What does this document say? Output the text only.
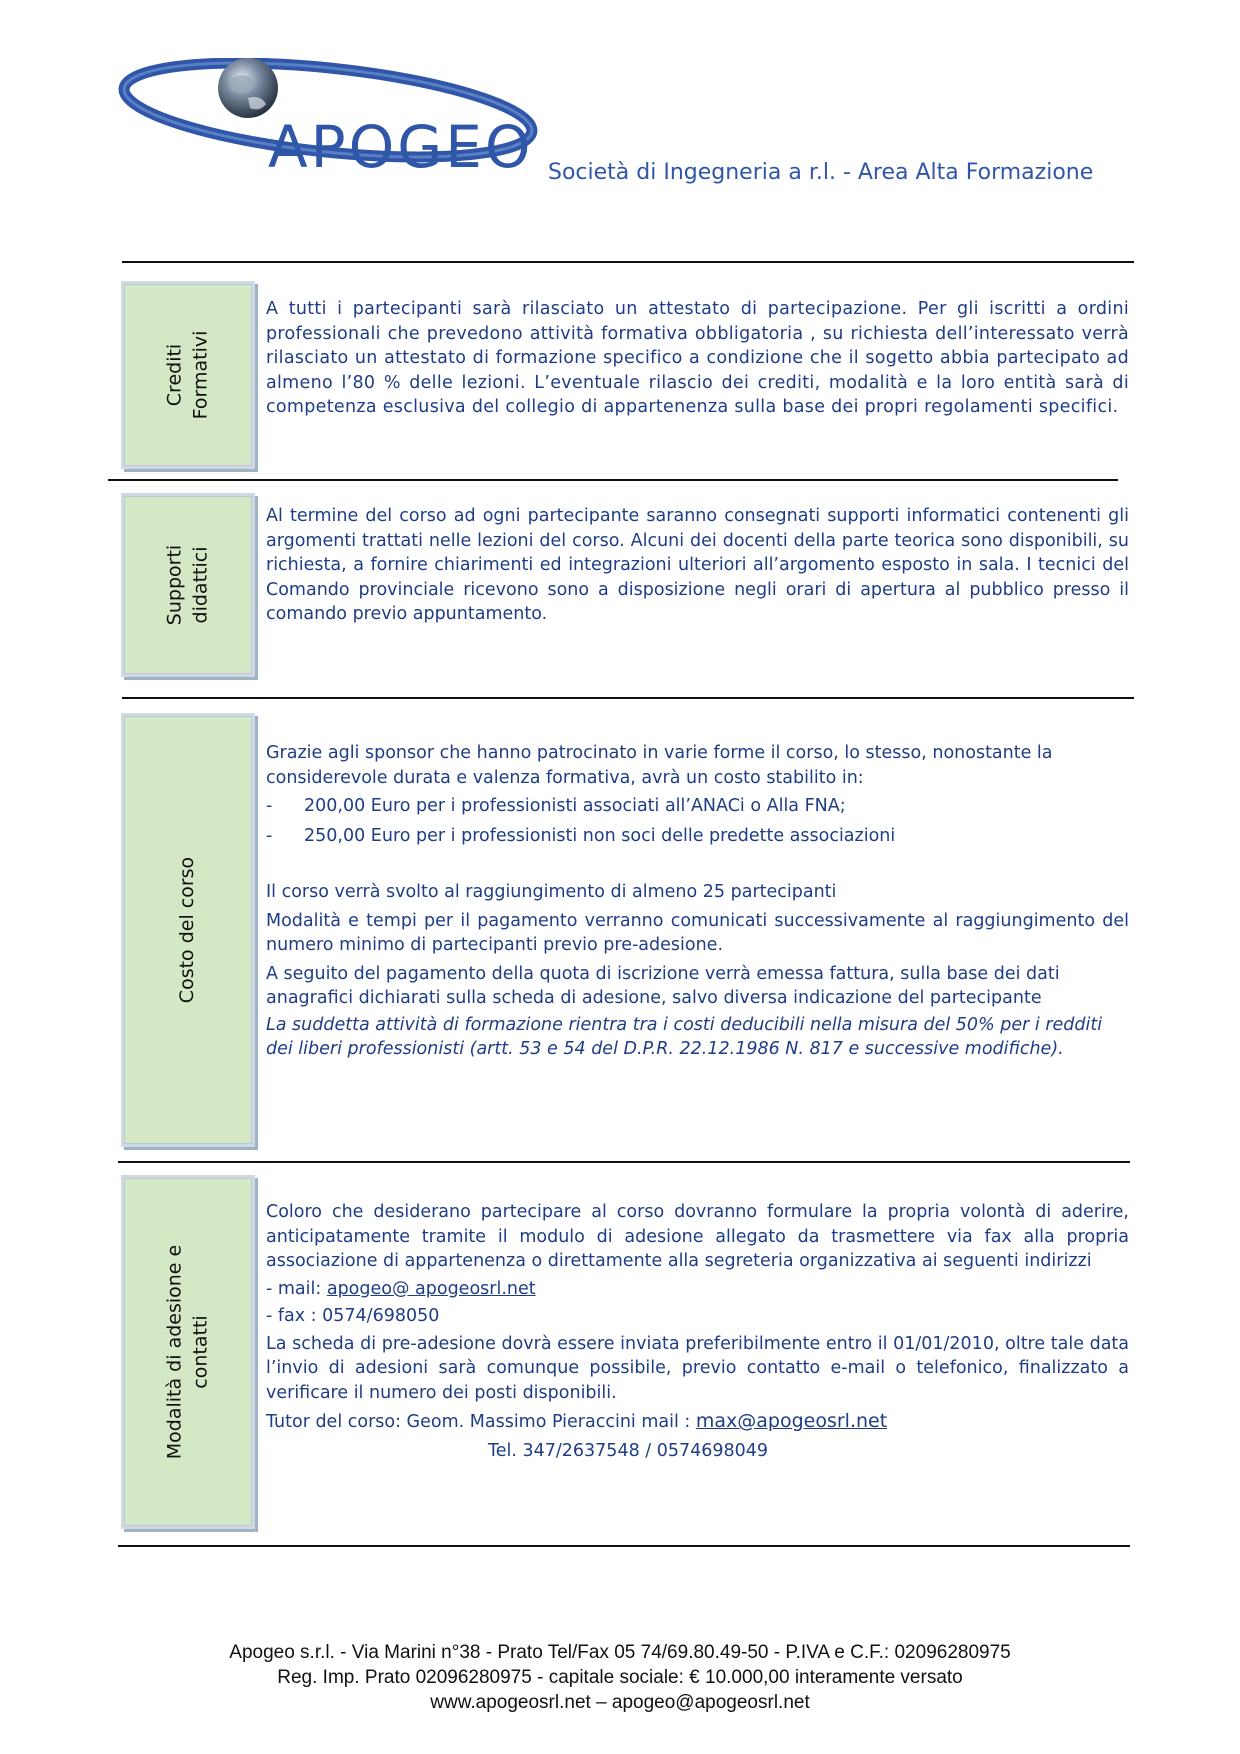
APOGEO Società di Ingegneria a r.l. - Area Alta Formazione
Crediti Formativi
A tutti i partecipanti sarà rilasciato un attestato di partecipazione. Per gli iscritti a ordini professionali che prevedono attività formativa obbligatoria , su richiesta dell’interessato verrà rilasciato un attestato di formazione specifico a condizione che il sogetto abbia partecipato ad almeno l’80 % delle lezioni. L’eventuale rilascio dei crediti, modalità e la loro entità sarà di competenza esclusiva del collegio di appartenenza sulla base dei propri regolamenti specifici.
Supporti didattici
Al termine del corso ad ogni partecipante saranno consegnati supporti informatici contenenti gli argomenti trattati nelle lezioni del corso. Alcuni dei docenti della parte teorica sono disponibili, su richiesta, a fornire chiarimenti ed integrazioni ulteriori all’argomento esposto in sala. I tecnici del Comando provinciale ricevono sono a disposizione negli orari di apertura al pubblico presso il comando previo appuntamento.
Costo del corso
Grazie agli sponsor che hanno patrocinato in varie forme il corso, lo stesso, nonostante la considerevole durata e valenza formativa, avrà un costo stabilito in:
-	200,00 Euro per i professionisti associati all’ANACi o Alla FNA;
-	250,00 Euro per i professionisti non soci delle predette associazioni
Il corso verrà svolto al raggiungimento di almeno 25 partecipanti
Modalità e tempi per il pagamento verranno comunicati successivamente al raggiungimento del numero minimo di partecipanti previo pre-adesione.
A seguito del pagamento della quota di iscrizione verrà emessa fattura, sulla base dei dati anagrafici dichiarati sulla scheda di adesione, salvo diversa indicazione del partecipante
La suddetta attività di formazione rientra tra i costi deducibili nella misura del 50% per i redditi dei liberi professionisti (artt. 53 e 54 del D.P.R. 22.12.1986 N. 817 e successive modifiche).
Modalità di adesione e contatti
Coloro che desiderano partecipare al corso dovranno formulare la propria volontà di aderire, anticipatamente tramite il modulo di adesione allegato da trasmettere via fax alla propria associazione di appartenenza o direttamente alla segreteria organizzativa ai seguenti indirizzi
- mail: apogeo@ apogeosrl.net
- fax : 0574/698050
La scheda di pre-adesione dovrà essere inviata preferibilmente entro il 01/01/2010, oltre tale data l’invio di adesioni sarà comunque possibile, previo contatto e-mail o telefonico, finalizzato a verificare il numero dei posti disponibili.
Tutor del corso: Geom. Massimo Pieraccini mail : max@apogeosrl.net
Tel. 347/2637548 / 0574698049
Apogeo s.r.l. - Via Marini n°38 - Prato Tel/Fax 05 74/69.80.49-50 - P.IVA e C.F.: 02096280975
Reg. Imp. Prato 02096280975 - capitale sociale: € 10.000,00 interamente versato
www.apogeosrl.net – apogeo@apogeosrl.net
